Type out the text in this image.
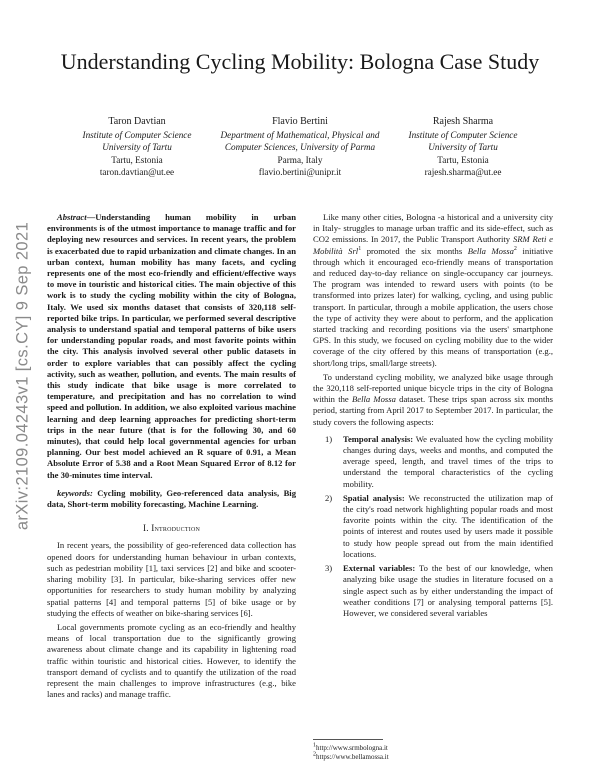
Understanding Cycling Mobility: Bologna Case Study
Taron Davtian
Institute of Computer Science
University of Tartu
Tartu, Estonia
taron.davtian@ut.ee
Flavio Bertini
Department of Mathematical, Physical and
Computer Sciences, University of Parma
Parma, Italy
flavio.bertini@unipr.it
Rajesh Sharma
Institute of Computer Science
University of Tartu
Tartu, Estonia
rajesh.sharma@ut.ee
arXiv:2109.04243v1 [cs.CY] 9 Sep 2021

Abstract—Understanding human mobility in urban environments is of the utmost importance to manage traffic and for deploying new resources and services. In recent years, the problem is exacerbated due to rapid urbanization and climate changes. In an urban context, human mobility has many facets, and cycling represents one of the most eco-friendly and efficient/effective ways to move in touristic and historical cities. The main objective of this work is to study the cycling mobility within the city of Bologna, Italy. We used six months dataset that consists of 320,118 self-reported bike trips. In particular, we performed several descriptive analysis to understand spatial and temporal patterns of bike users for understanding popular roads, and most favorite points within the city. This analysis involved several other public datasets in order to explore variables that can possibly affect the cycling activity, such as weather, pollution, and events. The main results of this study indicate that bike usage is more correlated to temperature, and precipitation and has no correlation to wind speed and pollution. In addition, we also exploited various machine learning and deep learning approaches for predicting short-term trips in the near future (that is for the following 30, and 60 minutes), that could help local governmental agencies for urban planning. Our best model achieved an R square of 0.91, a Mean Absolute Error of 5.38 and a Root Mean Squared Error of 8.12 for the 30-minutes time interval.

keywords: Cycling mobility, Geo-referenced data analysis, Big data, Short-term mobility forecasting, Machine Learning.

I. Introduction

In recent years, the possibility of geo-referenced data collection has opened doors for understanding human behaviour in urban contexts, such as pedestrian mobility [1], taxi services [2] and bike and scooter-sharing mobility [3]. In particular, bike-sharing services offer new opportunities for researchers to study human mobility by analyzing spatial patterns [4] and temporal patterns [5] of bike usage or by studying the effects of weather on bike-sharing services [6].

Local governments promote cycling as an eco-friendly and healthy means of local transportation due to the significantly growing awareness about climate change and its capability in lightening road traffic within touristic and historical cities. However, to identify the transport demand of cyclists and to quantify the utilization of the road represent the main challenges to improve infrastructures (e.g., bike lanes and racks) and manage traffic.

Like many other cities, Bologna -a historical and a university city in Italy- struggles to manage urban traffic and its side-effect, such as CO2 emissions. In 2017, the Public Transport Authority SRM Reti e Mobilità Srl$^1$ promoted the six months Bella Mossa$^2$ initiative through which it encouraged eco-friendly means of transportation and reduced day-to-day reliance on single-occupancy car journeys. The program was intended to reward users with points (to be transformed into prizes later) for walking, cycling, and using public transport. In particular, through a mobile application, the users chose the type of activity they were about to perform, and the application started tracking and recording positions via the users' smartphone GPS. In this study, we focused on cycling mobility due to the wider coverage of the city offered by this means of transportation (e.g., short/long trips, small/large streets).

To understand cycling mobility, we analyzed bike usage through the 320,118 self-reported unique bicycle trips in the city of Bologna within the Bella Mossa dataset. These trips span across six months period, starting from April 2017 to September 2017. In particular, the study covers the following aspects:

1) Temporal analysis: We evaluated how the cycling mobility changes during days, weeks and months, and computed the average speed, length, and travel times of the trips to understand the temporal characteristics of the cycling mobility.
2) Spatial analysis: We reconstructed the utilization map of the city's road network highlighting popular roads and most favorite points within the city. The identification of the points of interest and routes used by users made it possible to study how people spread out from the main identified locations.
3) External variables: To the best of our knowledge, when analyzing bike usage the studies in literature focused on a single aspect such as by either understanding the impact of weather conditions [7] or analysing temporal patterns [5]. However, we considered several variables
$^1$http://www.srmbologna.it
$^2$https://www.bellamossa.it
